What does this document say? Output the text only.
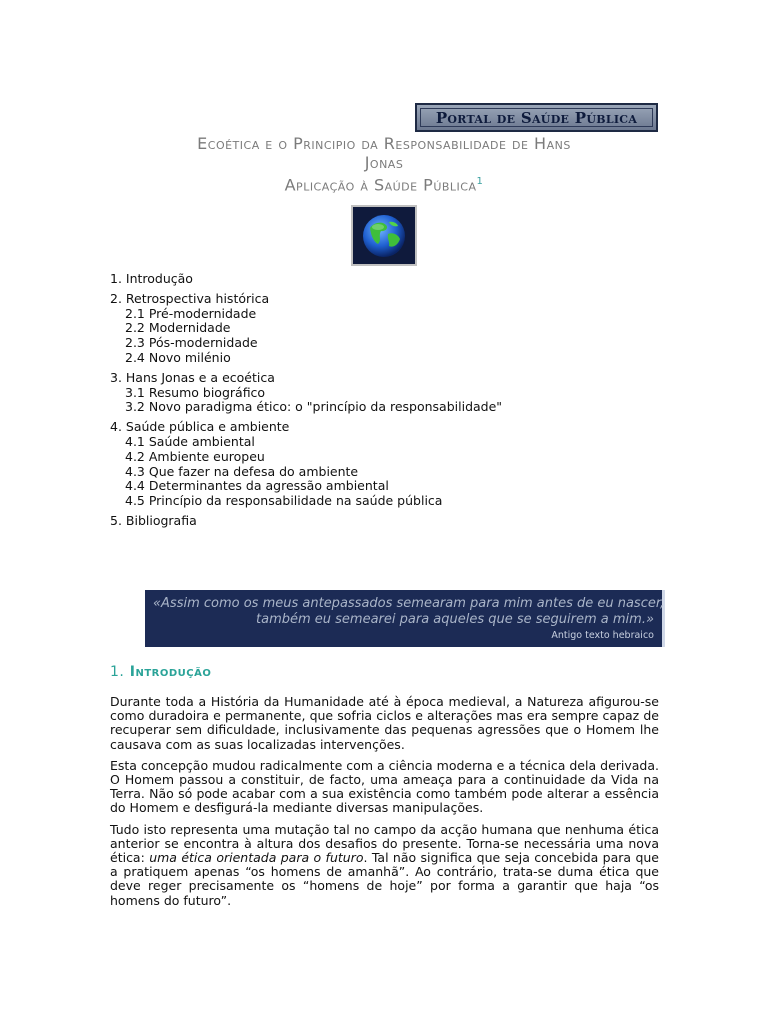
Portal de Saúde Pública
Ecoética e o Principio da Responsabilidade de Hans
Jonas
Aplicação à Saúde Pública$^1$
1. Introdução
2. Retrospectiva histórica
2.1 Pré-modernidade
2.2 Modernidade
2.3 Pós-modernidade
2.4 Novo milénio
3. Hans Jonas e a ecoética
3.1 Resumo biográfico
3.2 Novo paradigma ético: o "princípio da responsabilidade"
4. Saúde pública e ambiente
4.1 Saúde ambiental
4.2 Ambiente europeu
4.3 Que fazer na defesa do ambiente
4.4 Determinantes da agressão ambiental
4.5 Princípio da responsabilidade na saúde pública
5. Bibliografia
«Assim como os meus antepassados semearam para mim antes de eu nascer,
também eu semearei para aqueles que se seguirem a mim.»
Antigo texto hebraico
1. Introdução

Durante toda a História da Humanidade até à época medieval, a Natureza afigurou-se como duradoira e permanente, que sofria ciclos e alterações mas era sempre capaz de recuperar sem dificuldade, inclusivamente das pequenas agressões que o Homem lhe causava com as suas localizadas intervenções.

Esta concepção mudou radicalmente com a ciência moderna e a técnica dela derivada. O Homem passou a constituir, de facto, uma ameaça para a continuidade da Vida na Terra. Não só pode acabar com a sua existência como também pode alterar a essência do Homem e desfigurá-la mediante diversas manipulações.

Tudo isto representa uma mutação tal no campo da acção humana que nenhuma ética anterior se encontra à altura dos desafios do presente. Torna-se necessária uma nova ética: uma ética orientada para o futuro. Tal não significa que seja concebida para que a pratiquem apenas “os homens de amanhã”. Ao contrário, trata-se duma ética que deve reger precisamente os “homens de hoje” por forma a garantir que haja “os homens do futuro”.
